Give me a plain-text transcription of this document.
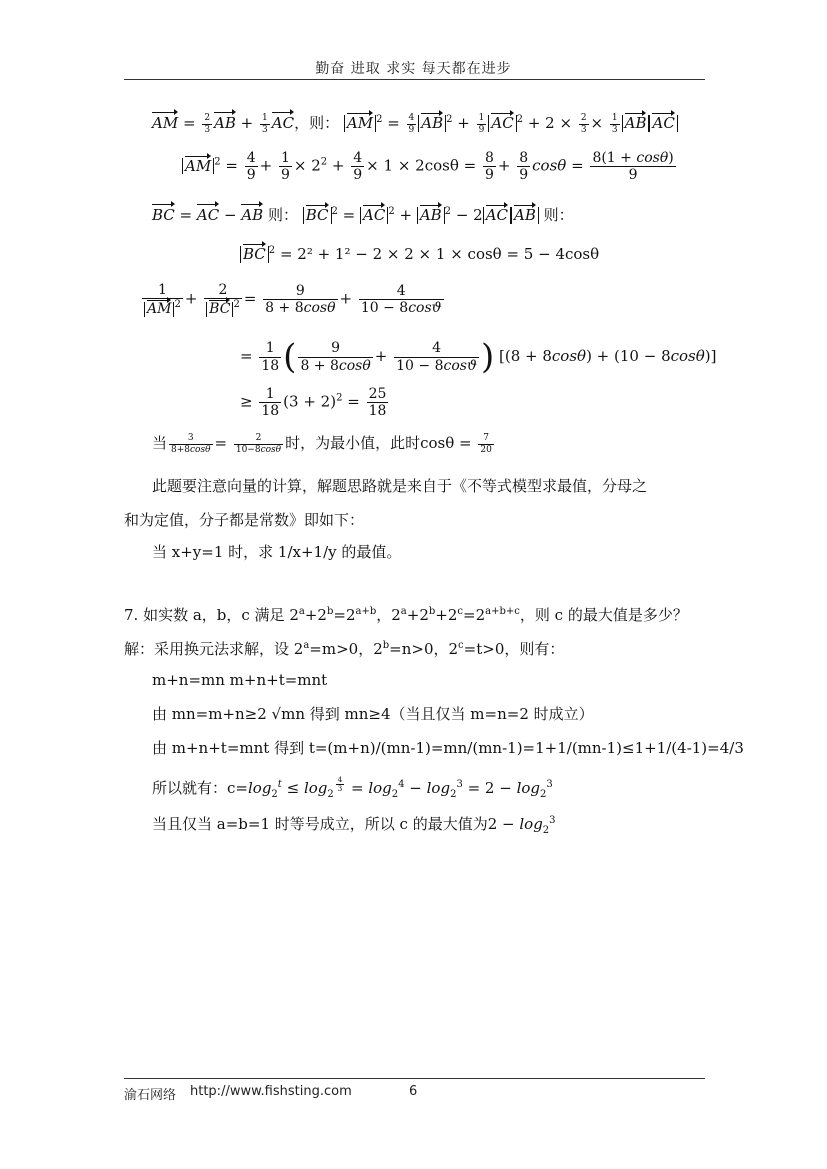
勤奋 进取 求实 每天都在进步
AM = $\frac{2}{3}$ AB + $\frac{1}{3}$ AC，则： AM $^2 = \frac{4}{9}$ AB $^2 + \frac{1}{9}$ AC $^2 + 2 \times \frac{2}{3} \times \frac{1}{3}$ AB AC
AM $^2 = \frac{4}{9} + \frac{1}{9} \times 2^2 + \frac{4}{9} \times 1 \times 2\cos\theta = \frac{8}{9} + \frac{8}{9}$ $\cos\theta = \frac{8(1 + \cos\theta)}{9}$
BC = AC − AB 则： BC $^2$ = AC $^2$ + AB $^2$ − 2 AC AB 则：
BC $^2$ = 2² + 1² − 2 × 2 × 1 × cosθ = 5 − 4cosθ
$\frac{1}{AM ^2} + \frac{2}{BC ^2} = \frac{9}{8 + 8\cos\theta} + \frac{4}{10 - 8\cos ϑ}$
= $\frac{1}{18}$ ( $\frac{9}{8 + 8\cos\theta} + \frac{4}{10 - 8\cos ϑ}$ ) [(8 + 8cosθ) + (10 − 8cosθ)]
≥ $\frac{1}{18} (3 + 2)^2 = \frac{25}{18}$
当 $\frac{3}{8+8\cos\theta} = \frac{2}{10-8\cos\theta}$ 时，为最小值，此时$\cos\theta = \frac{7}{20}$
此题要注意向量的计算，解题思路就是来自于《不等式模型求最值，分母之
和为定值，分子都是常数》即如下：
当 x+y=1 时，求 1/x+1/y 的最值。
7. 如实数 a，b，c 满足 $2^a+2^b=2^{a+b}$，$2^a+2^b+2^c=2^{a+b+c}$，则 c 的最大值是多少？
解：采用换元法求解，设 $2^a=m>0$，$2^b=n>0$，$2^c=t>0$，则有：
m+n=mn m+n+t=mnt
由 mn=m+n≥2 √mn 得到 mn≥4（当且仅当 m=n=2 时成立）
由 m+n+t=mnt 得到 t=(m+n)/(mn-1)=mn/(mn-1)=1+1/(mn-1)≤1+1/(4-1)=4/3
所以就有：$c=\log_2^t \le \log_2$
$^{\frac{4}{3}} = \log_2^4 - \log_2^3 = 2 - \log_2^3$
当且仅当 a=b=1 时等号成立，所以 c 的最大值为$2 - \log_2^3$
渝石网络 http://www.fishsting.com	6
